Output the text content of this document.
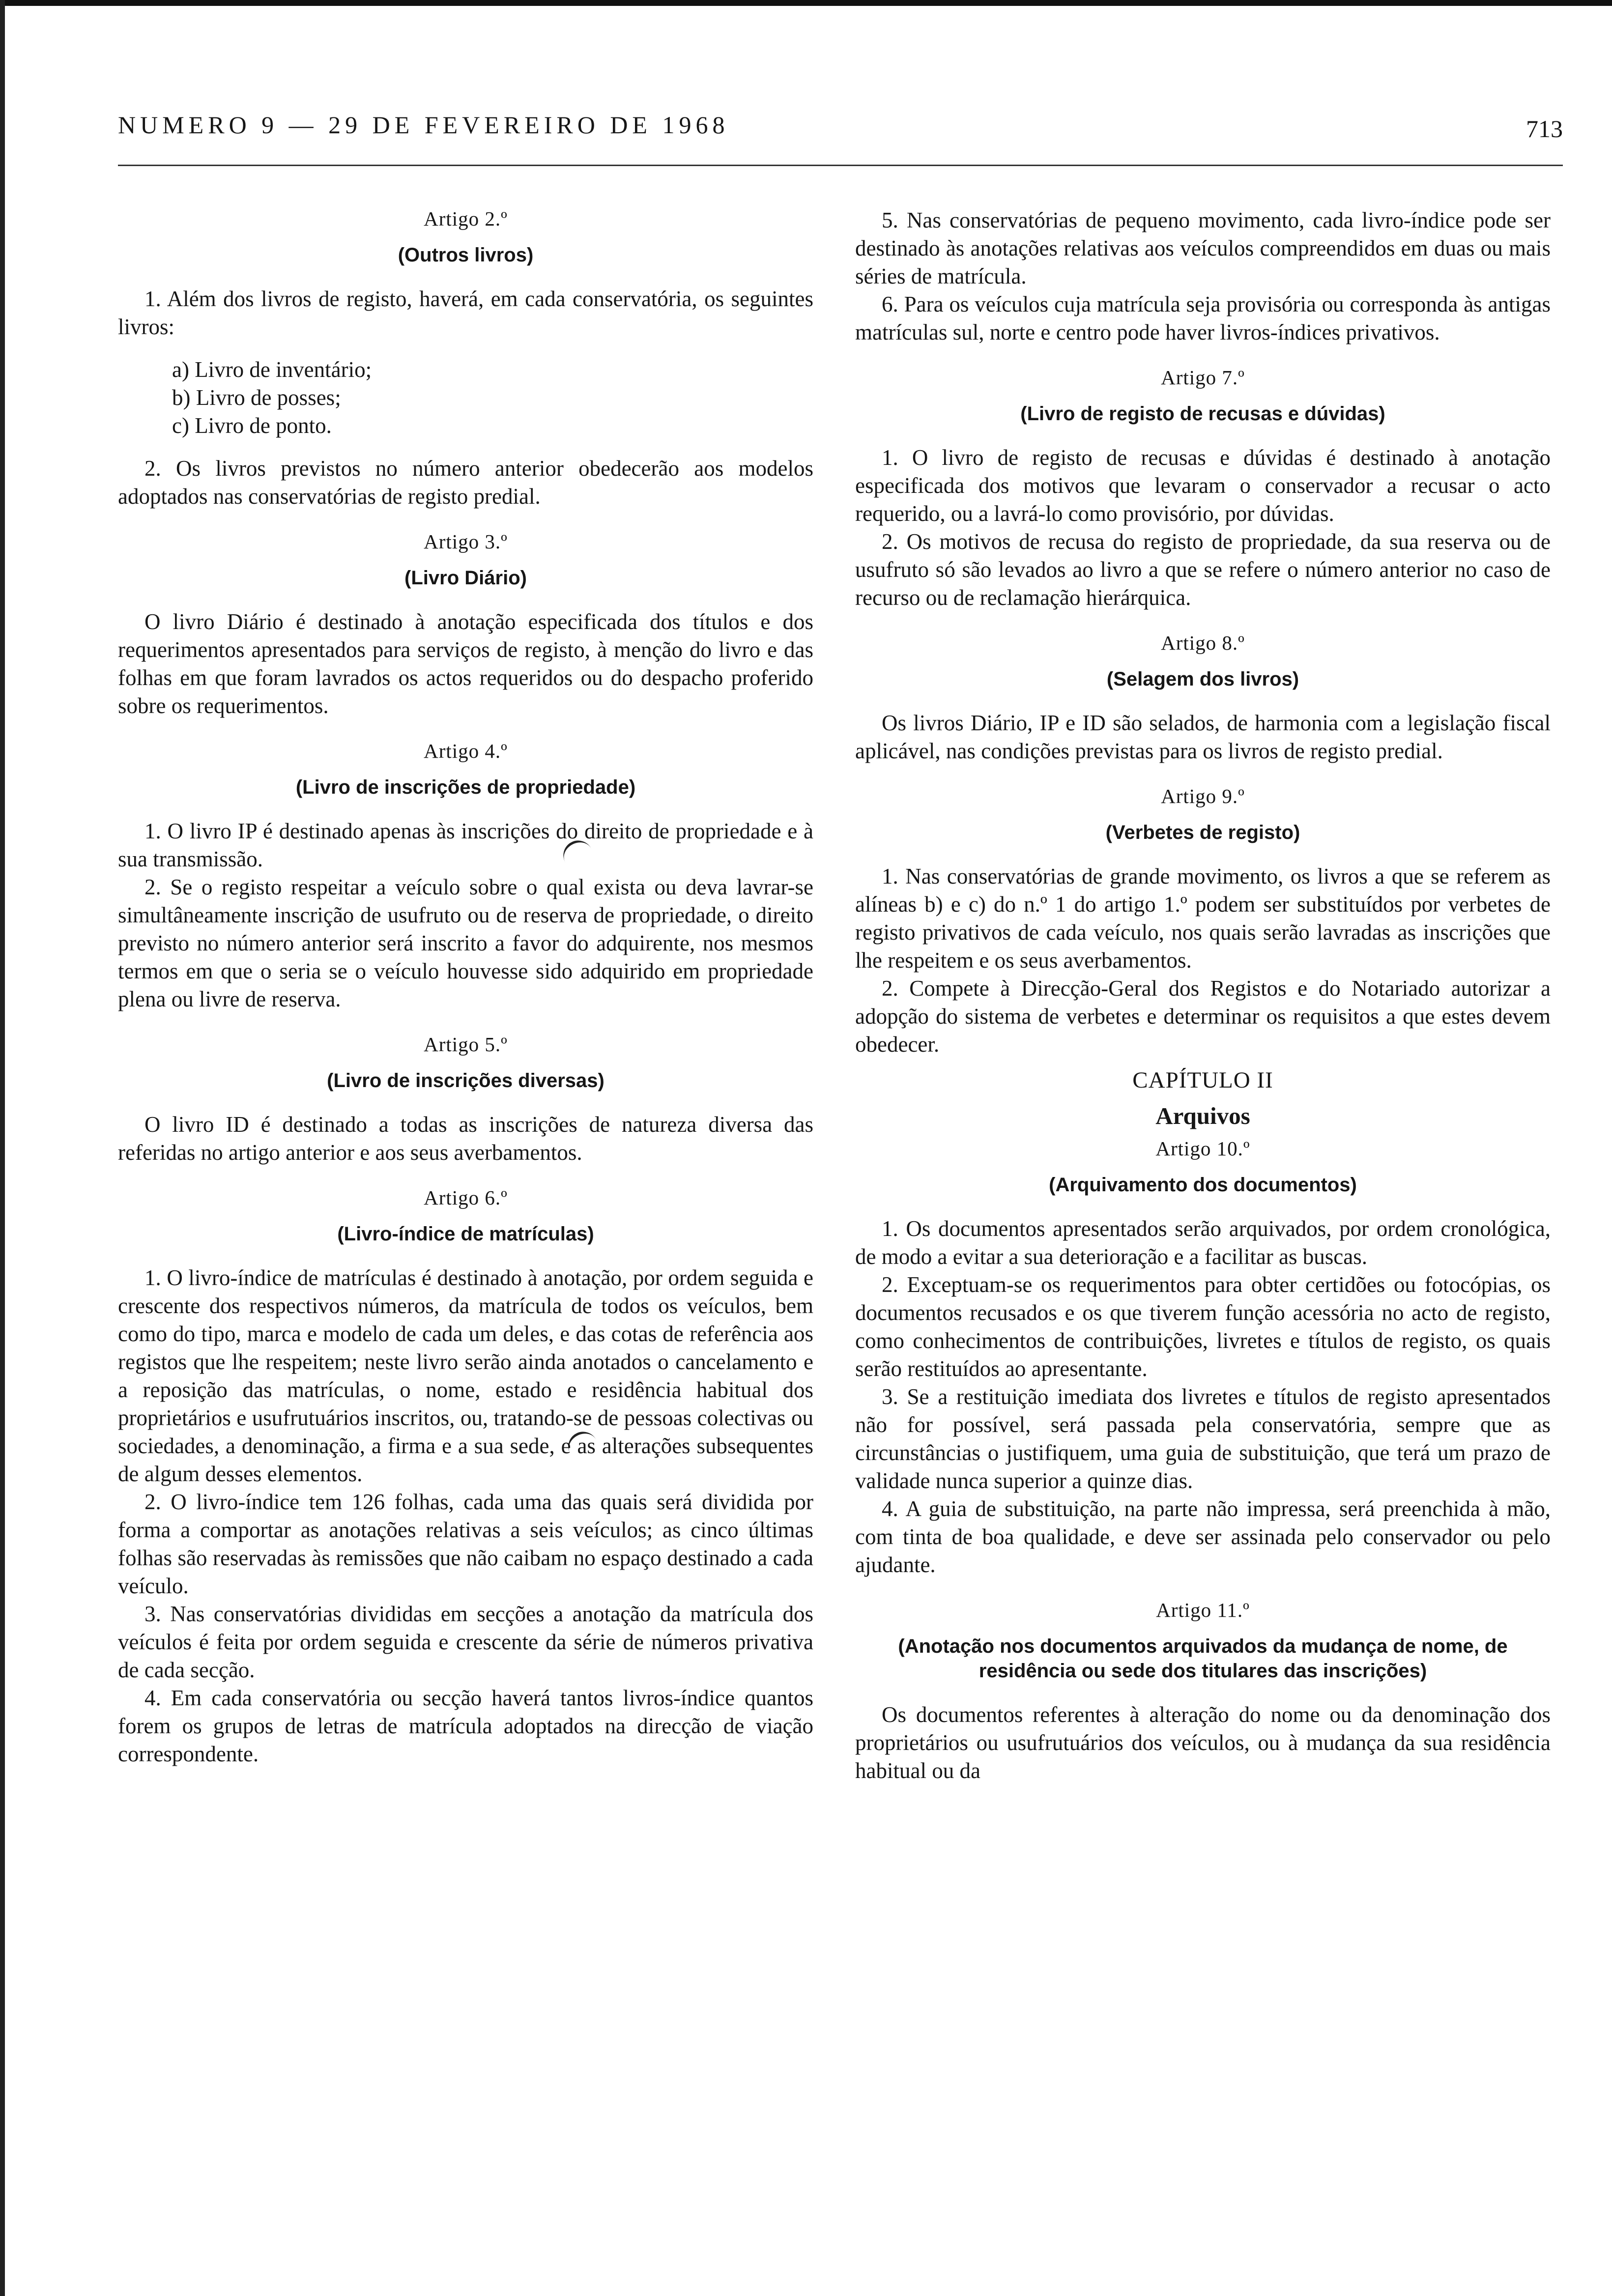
NUMERO 9 — 29 DE FEVEREIRO DE 1968	713
Artigo 2.º
(Outros livros)

1. Além dos livros de registo, haverá, em cada conservatória, os seguintes livros:

a) Livro de inventário;

b) Livro de posses;

c) Livro de ponto.

2. Os livros previstos no número anterior obedecerão aos modelos adoptados nas conservatórias de registo predial.

Artigo 3.º
(Livro Diário)

O livro Diário é destinado à anotação especificada dos títulos e dos requerimentos apresentados para serviços de registo, à menção do livro e das folhas em que foram lavrados os actos requeridos ou do despacho proferido sobre os requerimentos.

Artigo 4.º
(Livro de inscrições de propriedade)

1. O livro IP é destinado apenas às inscrições do direito de propriedade e à sua transmissão.

2. Se o registo respeitar a veículo sobre o qual exista ou deva lavrar-se simultâneamente inscrição de usufruto ou de reserva de propriedade, o direito previsto no número anterior será inscrito a favor do adquirente, nos mesmos termos em que o seria se o veículo houvesse sido adquirido em propriedade plena ou livre de reserva.

Artigo 5.º
(Livro de inscrições diversas)

O livro ID é destinado a todas as inscrições de natureza diversa das referidas no artigo anterior e aos seus averbamentos.

Artigo 6.º
(Livro-índice de matrículas)

1. O livro-índice de matrículas é destinado à anotação, por ordem seguida e crescente dos respectivos números, da matrícula de todos os veículos, bem como do tipo, marca e modelo de cada um deles, e das cotas de referência aos registos que lhe respeitem; neste livro serão ainda anotados o cancelamento e a reposição das matrículas, o nome, estado e residência habitual dos proprietários e usufrutuários inscritos, ou, tratando-se de pessoas colectivas ou sociedades, a denominação, a firma e a sua sede, e as alterações subsequentes de algum desses elementos.

2. O livro-índice tem 126 folhas, cada uma das quais será dividida por forma a comportar as anotações relativas a seis veículos; as cinco últimas folhas são reservadas às remissões que não caibam no espaço destinado a cada veículo.

3. Nas conservatórias divididas em secções a anotação da matrícula dos veículos é feita por ordem seguida e crescente da série de números privativa de cada secção.

4. Em cada conservatória ou secção haverá tantos livros-índice quantos forem os grupos de letras de matrícula adoptados na direcção de viação correspondente.

5. Nas conservatórias de pequeno movimento, cada livro-índice pode ser destinado às anotações relativas aos veículos compreendidos em duas ou mais séries de matrícula.

6. Para os veículos cuja matrícula seja provisória ou corresponda às antigas matrículas sul, norte e centro pode haver livros-índices privativos.

Artigo 7.º
(Livro de registo de recusas e dúvidas)

1. O livro de registo de recusas e dúvidas é destinado à anotação especificada dos motivos que levaram o conservador a recusar o acto requerido, ou a lavrá-lo como provisório, por dúvidas.

2. Os motivos de recusa do registo de propriedade, da sua reserva ou de usufruto só são levados ao livro a que se refere o número anterior no caso de recurso ou de reclamação hierárquica.

Artigo 8.º
(Selagem dos livros)

Os livros Diário, IP e ID são selados, de harmonia com a legislação fiscal aplicável, nas condições previstas para os livros de registo predial.

Artigo 9.º
(Verbetes de registo)

1. Nas conservatórias de grande movimento, os livros a que se referem as alíneas b) e c) do n.º 1 do artigo 1.º podem ser substituídos por verbetes de registo privativos de cada veículo, nos quais serão lavradas as inscrições que lhe respeitem e os seus averbamentos.

2. Compete à Direcção-Geral dos Registos e do Notariado autorizar a adopção do sistema de verbetes e determinar os requisitos a que estes devem obedecer.

CAPÍTULO II
Arquivos
Artigo 10.º
(Arquivamento dos documentos)

1. Os documentos apresentados serão arquivados, por ordem cronológica, de modo a evitar a sua deterioração e a facilitar as buscas.

2. Exceptuam-se os requerimentos para obter certidões ou fotocópias, os documentos recusados e os que tiverem função acessória no acto de registo, como conhecimentos de contribuições, livretes e títulos de registo, os quais serão restituídos ao apresentante.

3. Se a restituição imediata dos livretes e títulos de registo apresentados não for possível, será passada pela conservatória, sempre que as circunstâncias o justifiquem, uma guia de substituição, que terá um prazo de validade nunca superior a quinze dias.

4. A guia de substituição, na parte não impressa, será preenchida à mão, com tinta de boa qualidade, e deve ser assinada pelo conservador ou pelo ajudante.

Artigo 11.º
(Anotação nos documentos arquivados da mudança de nome, de residência ou sede dos titulares das inscrições)

Os documentos referentes à alteração do nome ou da denominação dos proprietários ou usufrutuários dos veículos, ou à mudança da sua residência habitual ou da
